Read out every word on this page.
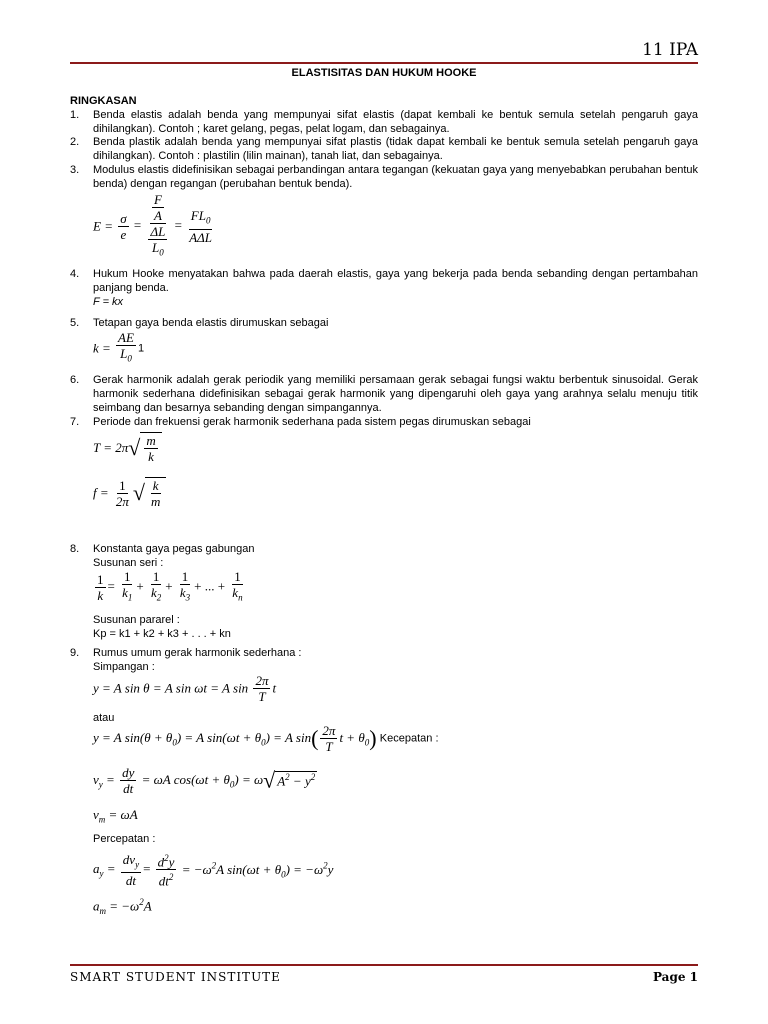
11 IPA
ELASTISITAS DAN HUKUM HOOKE
RINGKASAN
1. Benda elastis adalah benda yang mempunyai sifat elastis (dapat kembali ke bentuk semula setelah pengaruh gaya dihilangkan). Contoh ; karet gelang, pegas, pelat logam, dan sebagainya.
2. Benda plastik adalah benda yang mempunyai sifat plastis (tidak dapat kembali ke bentuk semula setelah pengaruh gaya dihilangkan). Contoh : plastilin (lilin mainan), tanah liat, dan sebagainya.
3. Modulus elastis didefinisikan sebagai perbandingan antara tegangan (kekuatan gaya yang menyebabkan perubahan bentuk benda) dengan regangan (perubahan bentuk benda).
$E = \frac{\sigma}{e} = \frac{\frac{F}{A}}{\frac{\Delta L}{L_0}} = \frac{FL_0}{\text{AΔL}}$
4. Hukum Hooke menyatakan bahwa pada daerah elastis, gaya yang bekerja pada benda sebanding dengan pertambahan panjang benda.
F = kx
5. Tetapan gaya benda elastis dirumuskan sebagai
$k = \frac{AE}{L_0} 1$
6. Gerak harmonik adalah gerak periodik yang memiliki persamaan gerak sebagai fungsi waktu berbentuk sinusoidal. Gerak harmonik sederhana didefinisikan sebagai gerak harmonik yang dipengaruhi oleh gaya yang arahnya selalu menuju titik seimbang dan besarnya sebanding dengan simpangannya.
7. Periode dan frekuensi gerak harmonik sederhana pada sistem pegas dirumuskan sebagai
$T = 2\pi√ \frac{m}{k}$
$f = \frac{1}{2\pi}$ √ $\frac{k}{m}$
8. Konstanta gaya pegas gabungan
Susunan seri :
$\frac{1}{k} = \frac{1}{k_1} + \frac{1}{k_2} + \frac{1}{k_3}$ + ... + $\frac{1}{k_n}$
Susunan pararel :
Kp = k1 + k2 + k3 + . . . + kn
9. Rumus umum gerak harmonik sederhana :
Simpangan :
y = A sin θ = A sin ωt = A $\sin \frac{2\pi}{T}$ t
atau
y = A $\sin(\theta + \theta_0) = A$ $\sin(\omega t + \theta_0) = A$ $\sin( \frac{2\pi}{T}$ $t + \theta_0$) Kecepatan :
$v_y = \frac{dy}{dt} = \omega A$ $\cos(\omega t + \theta_0) = \omega√$ $A^2 - y^2$
$v_m = \omega A$
Percepatan :
$a_y = \frac{dv_y}{dt} = \frac{d^2y}{dt^2} = -\omega^2A$ $\sin(\omega t + \theta_0) = -\omega^2y$
$a_m = -\omega^2A$
SMART STUDENT INSTITUTE	Page 1
